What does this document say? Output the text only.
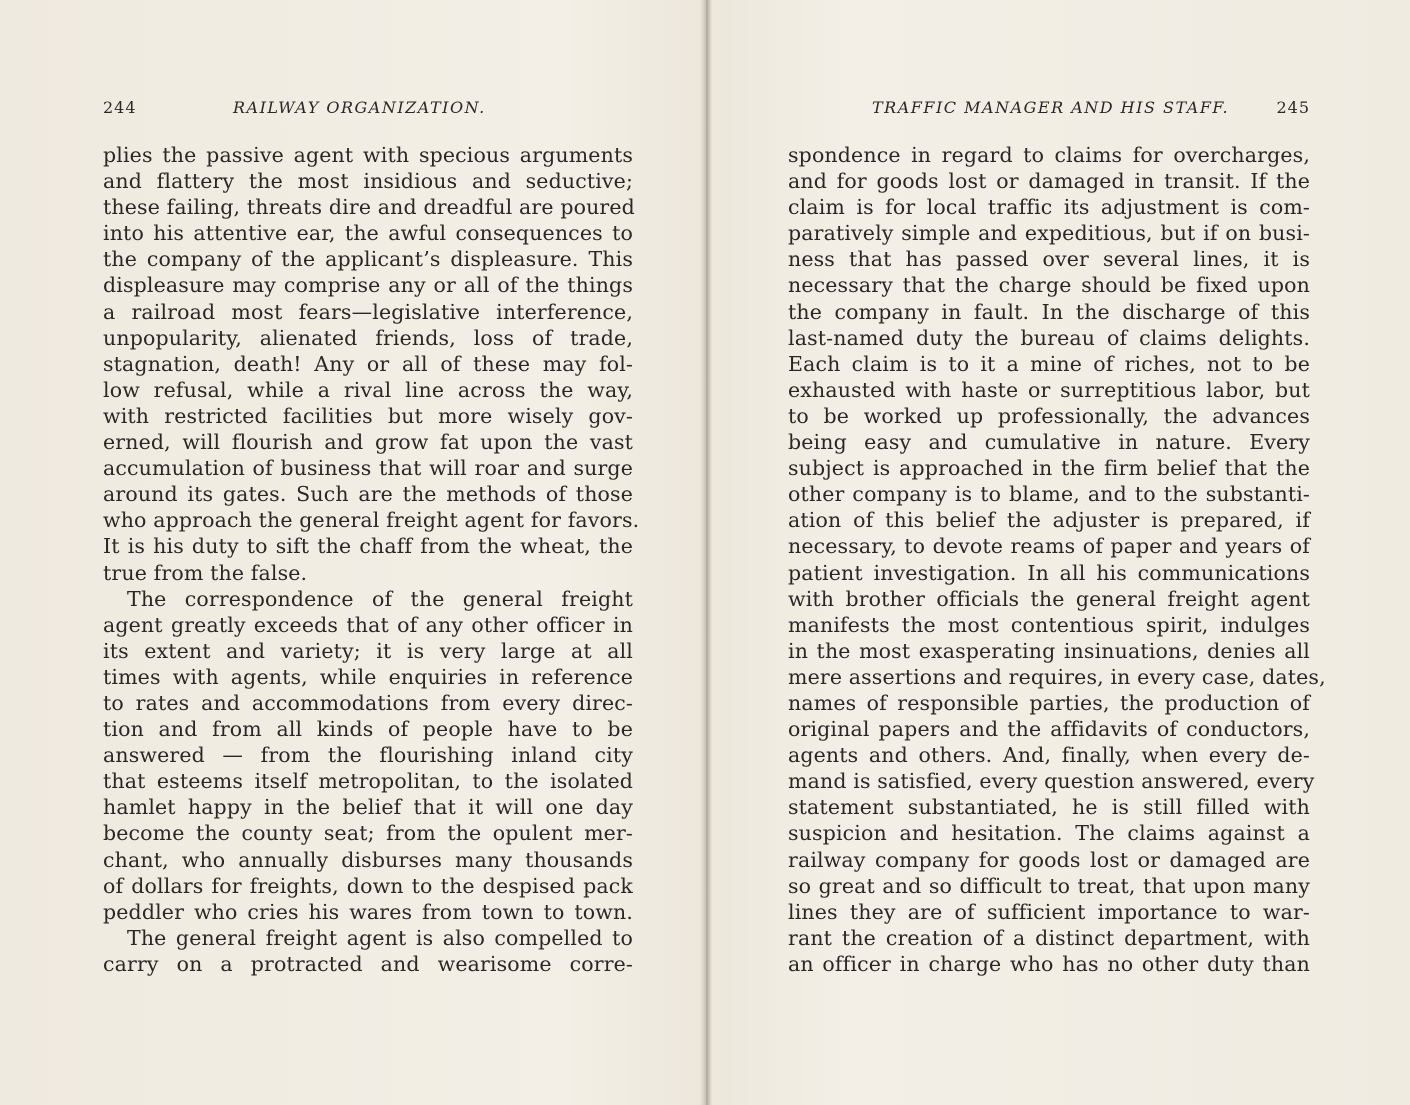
244	RAILWAY ORGANIZATION.
plies the passive agent with specious arguments
and flattery the most insidious and seductive;
these failing, threats dire and dreadful are poured
into his attentive ear, the awful consequences to
the company of the applicant’s displeasure. This
displeasure may comprise any or all of the things
a railroad most fears—legislative interference,
unpopularity, alienated friends, loss of trade,
stagnation, death! Any or all of these may fol-
low refusal, while a rival line across the way,
with restricted facilities but more wisely gov-
erned, will flourish and grow fat upon the vast
accumulation of business that will roar and surge
around its gates. Such are the methods of those
who approach the general freight agent for favors.
It is his duty to sift the chaff from the wheat, the
true from the false.
The correspondence of the general freight
agent greatly exceeds that of any other officer in
its extent and variety; it is very large at all
times with agents, while enquiries in reference
to rates and accommodations from every direc-
tion and from all kinds of people have to be
answered — from the flourishing inland city
that esteems itself metropolitan, to the isolated
hamlet happy in the belief that it will one day
become the county seat; from the opulent mer-
chant, who annually disburses many thousands
of dollars for freights, down to the despised pack
peddler who cries his wares from town to town.
The general freight agent is also compelled to
carry on a protracted and wearisome corre-
TRAFFIC MANAGER AND HIS STAFF.	245
spondence in regard to claims for overcharges,
and for goods lost or damaged in transit. If the
claim is for local traffic its adjustment is com-
paratively simple and expeditious, but if on busi-
ness that has passed over several lines, it is
necessary that the charge should be fixed upon
the company in fault. In the discharge of this
last-named duty the bureau of claims delights.
Each claim is to it a mine of riches, not to be
exhausted with haste or surreptitious labor, but
to be worked up professionally, the advances
being easy and cumulative in nature. Every
subject is approached in the firm belief that the
other company is to blame, and to the substanti-
ation of this belief the adjuster is prepared, if
necessary, to devote reams of paper and years of
patient investigation. In all his communications
with brother officials the general freight agent
manifests the most contentious spirit, indulges
in the most exasperating insinuations, denies all
mere assertions and requires, in every case, dates,
names of responsible parties, the production of
original papers and the affidavits of conductors,
agents and others. And, finally, when every de-
mand is satisfied, every question answered, every
statement substantiated, he is still filled with
suspicion and hesitation. The claims against a
railway company for goods lost or damaged are
so great and so difficult to treat, that upon many
lines they are of sufficient importance to war-
rant the creation of a distinct department, with
an officer in charge who has no other duty than
